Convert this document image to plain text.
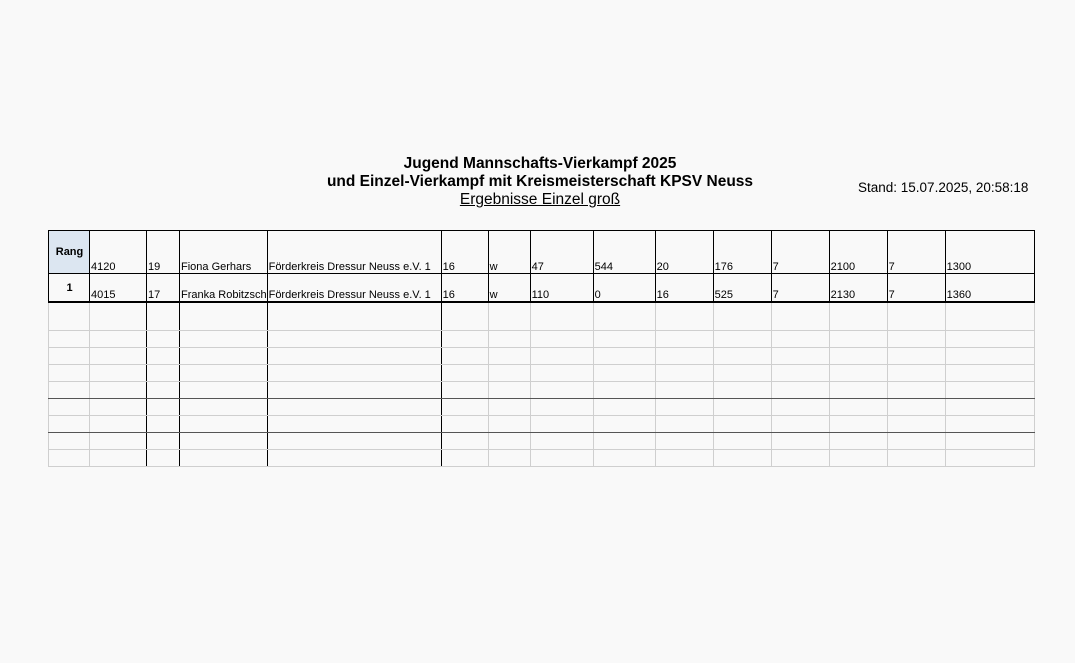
Jugend Mannschafts-Vierkampf 2025
und Einzel-Vierkampf mit Kreismeisterschaft KPSV Neuss
Ergebnisse Einzel groß
Stand: 15.07.2025, 20:58:18
Rang	4120	19	Fiona Gerhars	Förderkreis Dressur Neuss e.V. 1	16	w	47	544	20	176	7	2100	7	1300
1	4015	17	Franka Robitzsch	Förderkreis Dressur Neuss e.V. 1	16	w	110	0	16	525	7	2130	7	1360
